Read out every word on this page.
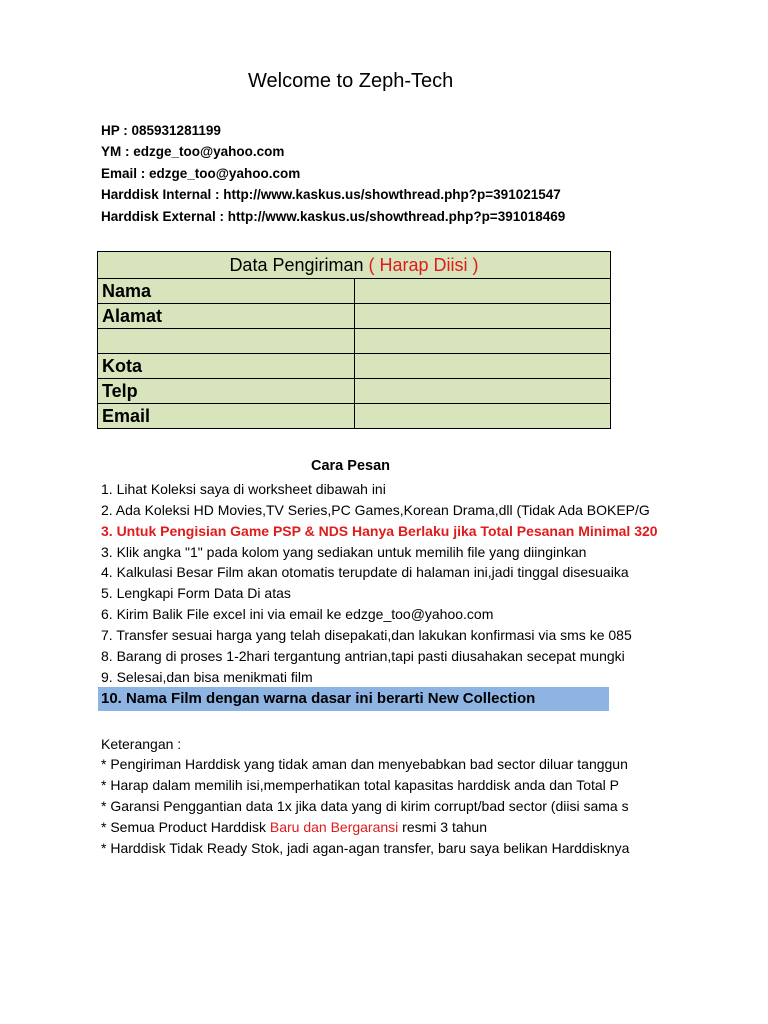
Welcome to Zeph-Tech
HP : 085931281199
YM : edzge_too@yahoo.com
Email : edzge_too@yahoo.com
Harddisk Internal : http://www.kaskus.us/showthread.php?p=391021547
Harddisk External : http://www.kaskus.us/showthread.php?p=391018469
Data Pengiriman ( Harap Diisi )	
Nama	
Alamat	

Kota	
Telp	
Email	
Cara Pesan
1. Lihat Koleksi saya di worksheet dibawah ini
2. Ada Koleksi HD Movies,TV Series,PC Games,Korean Drama,dll (Tidak Ada BOKEP/G
3. Untuk Pengisian Game PSP & NDS Hanya Berlaku jika Total Pesanan Minimal 320
3. Klik angka "1" pada kolom yang sediakan untuk memilih file yang diinginkan
4. Kalkulasi Besar Film akan otomatis terupdate di halaman ini,jadi tinggal disesuaika
5. Lengkapi Form Data Di atas
6. Kirim Balik File excel ini via email ke edzge_too@yahoo.com
7. Transfer sesuai harga yang telah disepakati,dan lakukan konfirmasi via sms ke 085
8. Barang di proses 1-2hari tergantung antrian,tapi pasti diusahakan secepat mungki
9. Selesai,dan bisa menikmati film
10. Nama Film dengan warna dasar ini berarti New Collection
Keterangan :
* Pengiriman Harddisk yang tidak aman dan menyebabkan bad sector diluar tanggun
* Harap dalam memilih isi,memperhatikan total kapasitas harddisk anda dan Total P
* Garansi Penggantian data 1x jika data yang di kirim corrupt/bad sector (diisi sama s
* Semua Product Harddisk Baru dan Bergaransi resmi 3 tahun
* Harddisk Tidak Ready Stok, jadi agan-agan transfer, baru saya belikan Harddisknya
